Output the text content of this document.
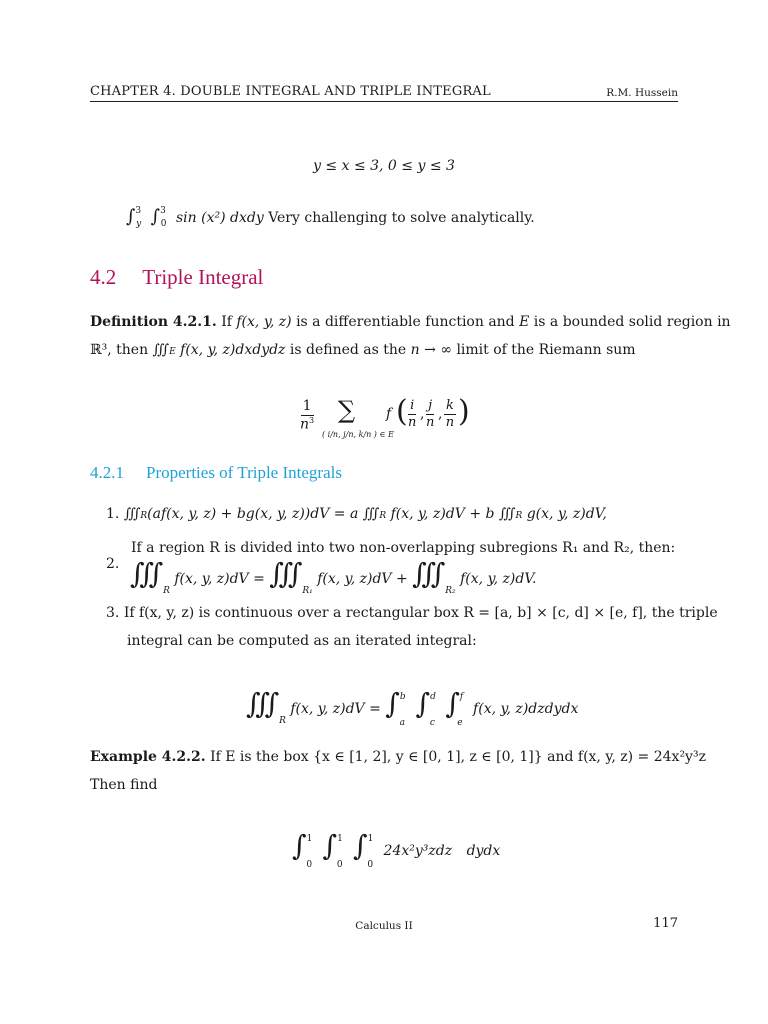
CHAPTER 4. DOUBLE INTEGRAL AND TRIPLE INTEGRAL	R.M. Hussein
y ≤ x ≤ 3, 0 ≤ y ≤ 3
∫$^3_y$ ∫$^3_0$ sin (x²) dxdy Very challenging to solve analytically.
4.2 Triple Integral
Definition 4.2.1. If f(x, y, z) is a differentiable function and E is a bounded solid region in
ℝ³, then ∭E f(x, y, z)dxdydz is defined as the n → ∞ limit of the Riemann sum
$\frac{1}{n^3}$ ∑
( i/n, j/n, k/n ) ∈ E
f ( $\frac{i}{n}$ , $\frac{j}{n}$ , $\frac{k}{n}$ )
4.2.1 Properties of Triple Integrals
1. ∭R(af(x, y, z) + bg(x, y, z))dV = a ∭R f(x, y, z)dV + b ∭R g(x, y, z)dV,
If a region R is divided into two non-overlapping subregions R₁ and R₂, then:
2. $∭_R$ f(x, y, $z)dV = ∭_{R_1}$ f(x, y, $z)dV + ∭_{R_2}$ f(x, y, z)dV.
3. If f(x, y, z) is continuous over a rectangular box R = [a, b] × [c, d] × [e, f], the triple
integral can be computed as an iterated integral:
$∭_R$ f(x, y, z)dV = ∫$^b_a$ ∫$^d_c$ ∫$^f_e$ f(x, y, z)dzdydx
Example 4.2.2. If E is the box {x ∈ [1, 2], y ∈ [0, 1], z ∈ [0, 1]} and f(x, y, z) = 24x²y³z
Then find
∫$^1_0$ ∫$^1_0$ ∫$^1_0$ 24x²y³zdz dydx
Calculus II	117
